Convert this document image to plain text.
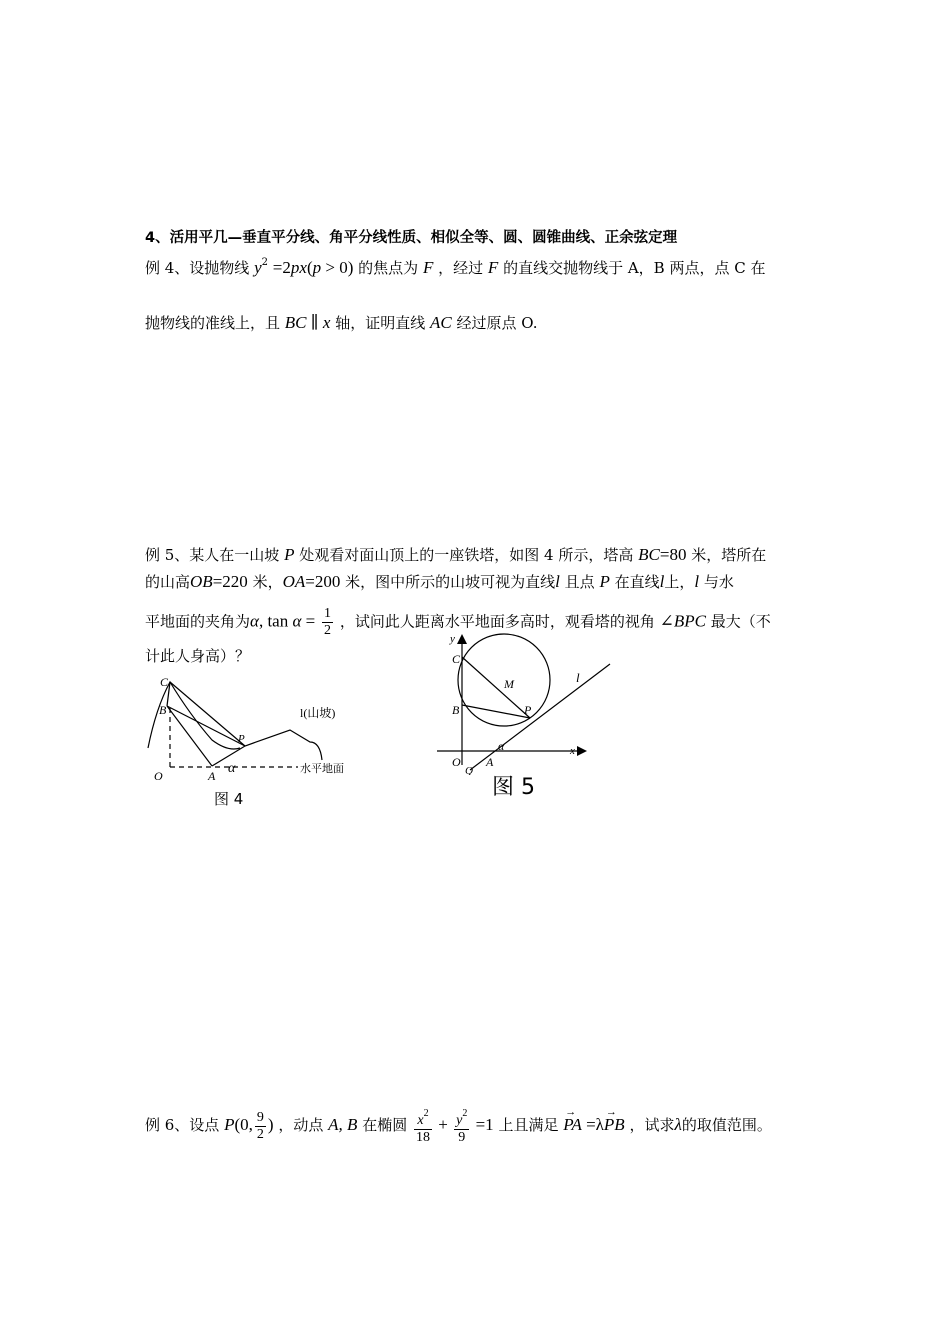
4、活用平几—垂直平分线、角平分线性质、相似全等、圆、圆锥曲线、正余弦定理
例 4、设抛物线 $y^2 =2px(p > 0)$ 的焦点为 F ，经过 F 的直线交抛物线于 A，B 两点，点 C 在
抛物线的准线上，且 BC ∥ x 轴，证明直线 AC 经过原点 O.
例 5、某人在一山坡 P 处观看对面山顶上的一座铁塔，如图 4 所示，塔高 BC=80 米，塔所在
的山高OB=220 米，OA=200 米，图中所示的山坡可视为直线l 且点 P 在直线l上，l 与水
平地面的夹角为α, $\tan \alpha = \frac{1}{2}$ ，试问此人距离水平地面多高时，观看塔的视角 ∠BPC 最大（不
计此人身高）？
C
B
O	A
P
α
l(山坡)
水平地面
图 4
y
x
C
B
M
P
l
O
Q
A
α
图 5
例 6、设点 P(0, $\frac{9}{2}$ ) ，动点 A, B 在椭圆 $\frac{x^2}{18} + \frac{y^2}{9} =1$ 上且满足 → PA =λ→ PB ，试求λ的取值范围。
